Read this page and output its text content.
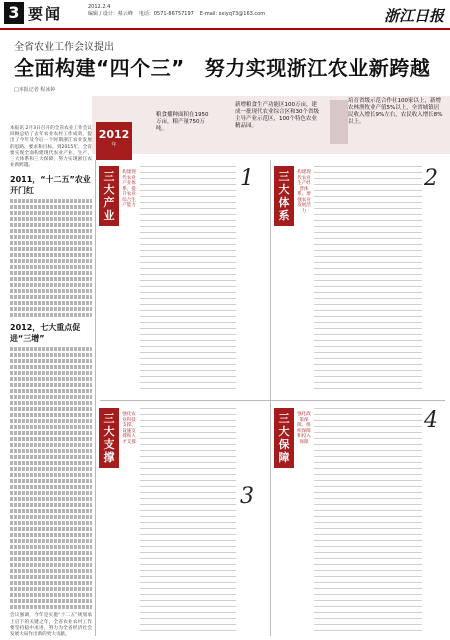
3 要闻	2012.2.4
编辑 / 设计：蔡云峰 电话：0571-86757197 E-mail: sxiyq73@163.com	浙江日报
全省农业工作会议提出
全面构建“四个三” 努力实现浙江农业新跨越
□本报记者 程冰婷
2012
年
粮食播种面积在1950万亩，粮产量750万吨。
新增粮食生产功能区100万亩，建成一批现代农业综合区和30个省级主导产业示范区，100个特色农业精品园。
培育省级示范合作社100家以上，新增农林渔牧业产值5%以上，全省城镇居民收入增长9%左右，农民收入增长8%以上。
本报讯 2月3日召开的全省农业工作会议回顾总结了去年农业农村工作成效，提出了今年及今后一个时期浙江农业发展的思路、要求和目标。到2015年，全省要实现全面构建现代农业产业、生产、三大体系和三大保障，努力实现浙江农业新跨越。
2011，“十二五”农业开门红
2012，七大重点促进“三增”
会议强调，今年是实施“十二五”规划承上启下的关键之年，全省农业农村工作要坚持稳中求进，努力为全省经济社会发展大局作出新的更大贡献。
三大产业
构建现代农业产业体系，提升农业综合生产能力
1	三大体系
构建现代农业生产经营体系，增强农业发展活力
2
三大支撑
强化农业科技支撑、设施支撑和人才支撑
3
三大保障
强化政策保障、组织保障和投入保障
4
